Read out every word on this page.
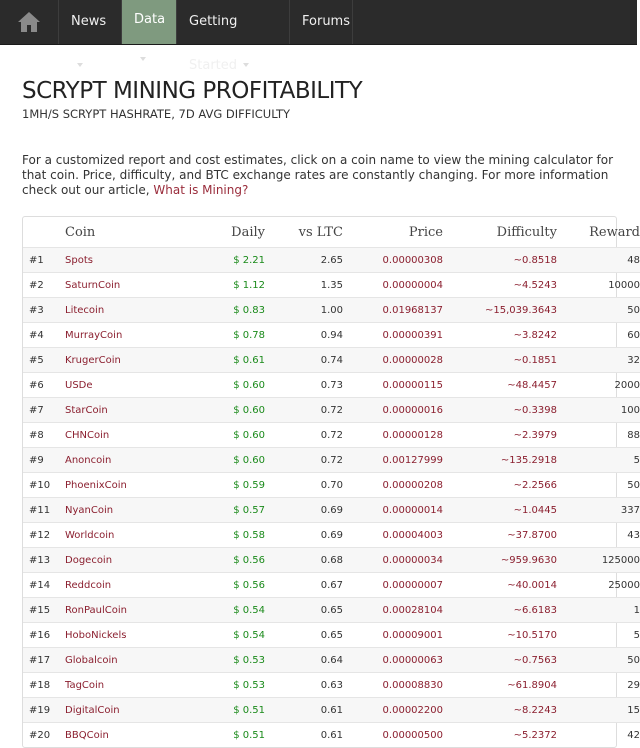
News	Data	Getting Started
Forums
SCRYPT MINING PROFITABILITY
1MH/S SCRYPT HASHRATE, 7D AVG DIFFICULTY
For a customized report and cost estimates, click on a coin name to view the mining calculator for that coin. Price, difficulty, and BTC exchange rates are constantly changing. For more information check out our article, What is Mining?
	Coin	Daily	vs LTC	Price	Difficulty	Reward
#1	Spots	$ 2.21	2.65	0.00000308	~0.8518	48
#2	SaturnCoin	$ 1.12	1.35	0.00000004	~4.5243	10000
#3	Litecoin	$ 0.83	1.00	0.01968137	~15,039.3643	50
#4	MurrayCoin	$ 0.78	0.94	0.00000391	~3.8242	60
#5	KrugerCoin	$ 0.61	0.74	0.00000028	~0.1851	32
#6	USDe	$ 0.60	0.73	0.00000115	~48.4457	2000
#7	StarCoin	$ 0.60	0.72	0.00000016	~0.3398	100
#8	CHNCoin	$ 0.60	0.72	0.00000128	~2.3979	88
#9	Anoncoin	$ 0.60	0.72	0.00127999	~135.2918	5
#10	PhoenixCoin	$ 0.59	0.70	0.00000208	~2.2566	50
#11	NyanCoin	$ 0.57	0.69	0.00000014	~1.0445	337
#12	Worldcoin	$ 0.58	0.69	0.00004003	~37.8700	43
#13	Dogecoin	$ 0.56	0.68	0.00000034	~959.9630	125000
#14	Reddcoin	$ 0.56	0.67	0.00000007	~40.0014	25000
#15	RonPaulCoin	$ 0.54	0.65	0.00028104	~6.6183	1
#16	HoboNickels	$ 0.54	0.65	0.00009001	~10.5170	5
#17	Globalcoin	$ 0.53	0.64	0.00000063	~0.7563	50
#18	TagCoin	$ 0.53	0.63	0.00008830	~61.8904	29
#19	DigitalCoin	$ 0.51	0.61	0.00002200	~8.2243	15
#20	BBQCoin	$ 0.51	0.61	0.00000500	~5.2372	42
